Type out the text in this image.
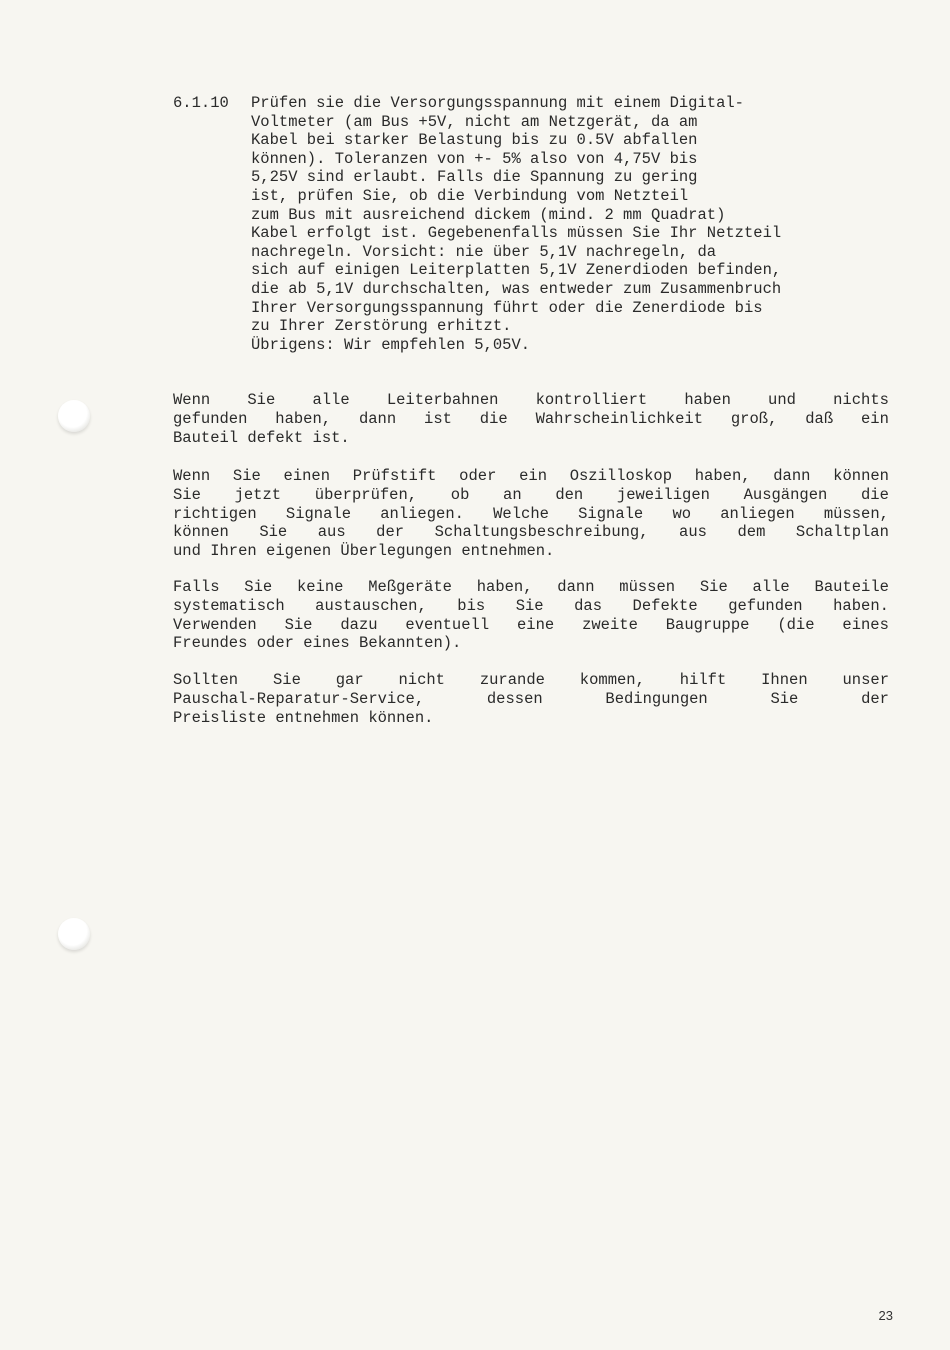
6.1.10	Prüfen sie die Versorgungsspannung mit einem Digital-
Voltmeter (am Bus +5V, nicht am Netzgerät, da am
Kabel bei starker Belastung bis zu 0.5V abfallen
können). Toleranzen von +- 5% also von 4,75V bis
5,25V sind erlaubt. Falls die Spannung zu gering
ist, prüfen Sie, ob die Verbindung vom Netzteil
zum Bus mit ausreichend dickem (mind. 2 mm Quadrat)
Kabel erfolgt ist. Gegebenenfalls müssen Sie Ihr Netzteil
nachregeln. Vorsicht: nie über 5,1V nachregeln, da
sich auf einigen Leiterplatten 5,1V Zenerdioden befinden,
die ab 5,1V durchschalten, was entweder zum Zusammenbruch
Ihrer Versorgungsspannung führt oder die Zenerdiode bis
zu Ihrer Zerstörung erhitzt.
Übrigens: Wir empfehlen 5,05V.
Wenn Sie alle Leiterbahnen kontrolliert haben und nichts
gefunden haben, dann ist die Wahrscheinlichkeit groß, daß ein
Bauteil defekt ist.
Wenn Sie einen Prüfstift oder ein Oszilloskop haben, dann können
Sie jetzt überprüfen, ob an den jeweiligen Ausgängen die
richtigen Signale anliegen. Welche Signale wo anliegen müssen,
können Sie aus der Schaltungsbeschreibung, aus dem Schaltplan
und Ihren eigenen Überlegungen entnehmen.
Falls Sie keine Meßgeräte haben, dann müssen Sie alle Bauteile
systematisch austauschen, bis Sie das Defekte gefunden haben.
Verwenden Sie dazu eventuell eine zweite Baugruppe (die eines
Freundes oder eines Bekannten).
Sollten Sie gar nicht zurande kommen, hilft Ihnen unser
Pauschal-Reparatur-Service,	dessen	Bedingungen	Sie	der
Preisliste entnehmen können.
23
